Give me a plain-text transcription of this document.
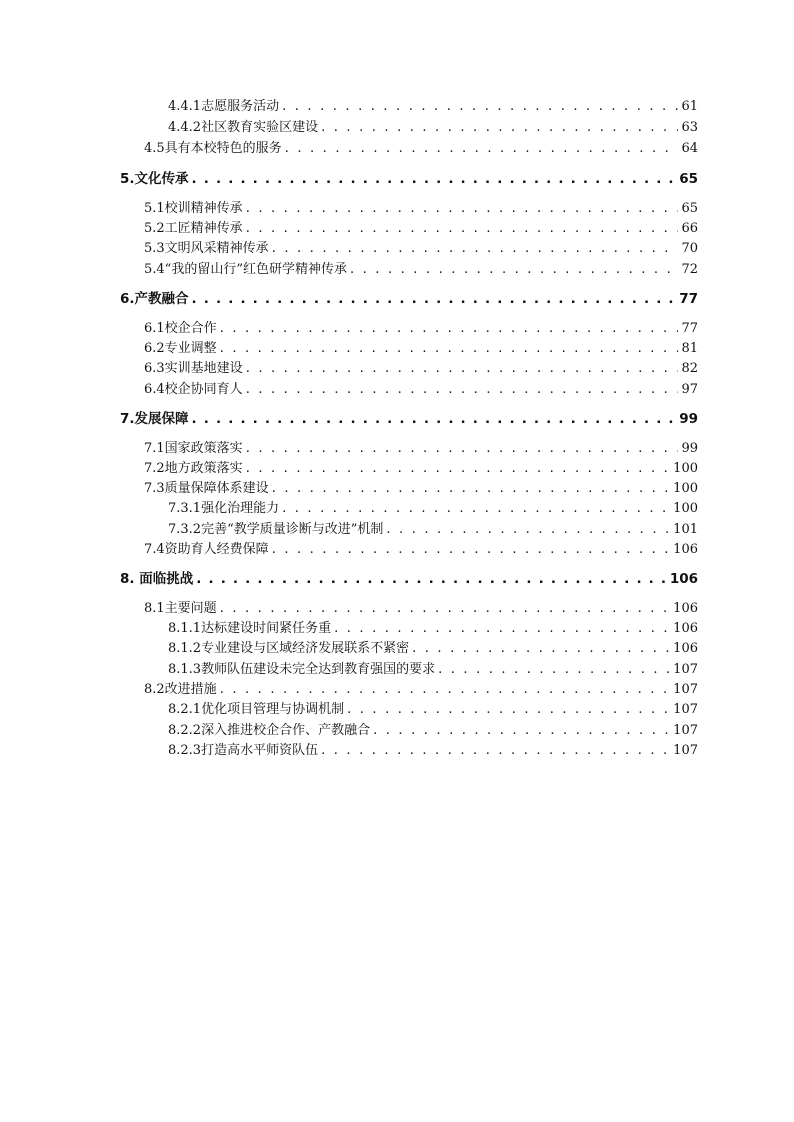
4.4.1志愿服务活动 . . .	61
4.4.2社区教育实验区建设 . . .	63
4.5具有本校特色的服务 . . .	64
5.文化传承 . . .	65
5.1校训精神传承 . . .	65
5.2工匠精神传承 . . .	66
5.3文明风采精神传承 . . .	70
5.4“我的留山行”红色研学精神传承 . . .	72
6.产教融合 . . .	77
6.1校企合作 . . .	77
6.2专业调整 . . .	81
6.3实训基地建设 . . .	82
6.4校企协同育人 . . .	97
7.发展保障 . . .	99
7.1国家政策落实 . . .	99
7.2地方政策落实 . . .	100
7.3质量保障体系建设 . . .	100
7.3.1强化治理能力 . . .	100
7.3.2完善“教学质量诊断与改进”机制 . . .	101
7.4资助育人经费保障 . . .	106
8. 面临挑战 . . .	106
8.1主要问题 . . .	106
8.1.1达标建设时间紧任务重 . . .	106
8.1.2专业建设与区域经济发展联系不紧密 . . .	106
8.1.3教师队伍建设未完全达到教育强国的要求 . . .	107
8.2改进措施 . . .	107
8.2.1优化项目管理与协调机制 . . .	107
8.2.2深入推进校企合作、产教融合 . . .	107
8.2.3打造高水平师资队伍 . . .	107
